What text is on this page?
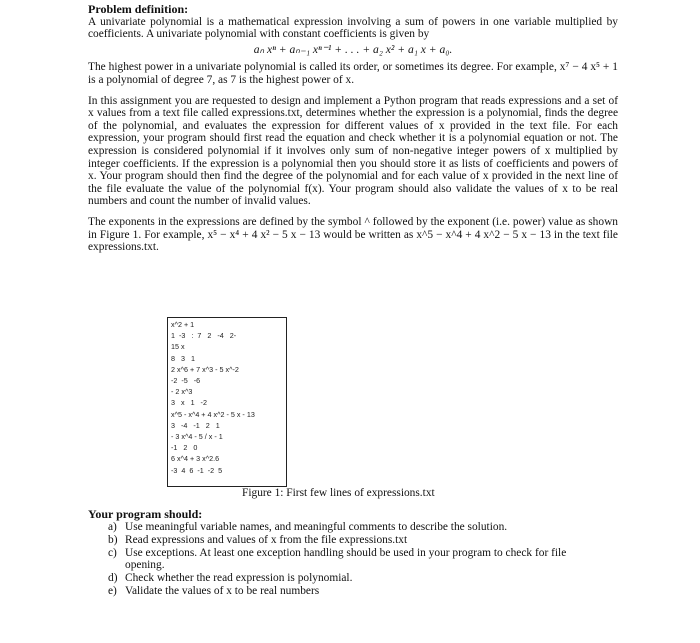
Problem definition:

A univariate polynomial is a mathematical expression involving a sum of powers in one variable multiplied by coefficients. A univariate polynomial with constant coefficients is given by

aₙ xⁿ + aₙ₋₁ xⁿ⁻¹ + . . . + a₂ x² + a₁ x + a₀.

The highest power in a univariate polynomial is called its order, or sometimes its degree. For example, x⁷ − 4 x⁵ + 1 is a polynomial of degree 7, as 7 is the highest power of x.

In this assignment you are requested to design and implement a Python program that reads expressions and a set of x values from a text file called expressions.txt, determines whether the expression is a polynomial, finds the degree of the polynomial, and evaluates the expression for different values of x provided in the text file. For each expression, your program should first read the equation and check whether it is a polynomial equation or not. The expression is considered polynomial if it involves only sum of non-negative integer powers of x multiplied by integer coefficients. If the expression is a polynomial then you should store it as lists of coefficients and powers of x. Your program should then find the degree of the polynomial and for each value of x provided in the next line of the file evaluate the value of the polynomial f(x). Your program should also validate the values of x to be real numbers and count the number of invalid values.

The exponents in the expressions are defined by the symbol ^ followed by the exponent (i.e. power) value as shown in Figure 1. For example, x⁵ − x⁴ + 4 x² − 5 x − 13 would be written as x^5 − x^4 + 4 x^2 − 5 x − 13 in the text file expressions.txt.

x^2 + 1
1  -3   :  7   2   -4   2-
15 x
8   3   1
2 x^6 + 7 x^3 - 5 x^-2
-2  -5   -6
- 2 x^3
3   x   1   -2
x^5 - x^4 + 4 x^2 - 5 x - 13
3   -4   -1   2   1
- 3 x^4 - 5 / x - 1
-1   2   0
6 x^4 + 3 x^2.6
-3  4  6  -1  -2  5
Figure 1: First few lines of expressions.txt
Your program should:
a) Use meaningful variable names, and meaningful comments to describe the solution.
b) Read expressions and values of x from the file expressions.txt
c) Use exceptions. At least one exception handling should be used in your program to check for file opening.
d) Check whether the read expression is polynomial.
e) Validate the values of x to be real numbers
